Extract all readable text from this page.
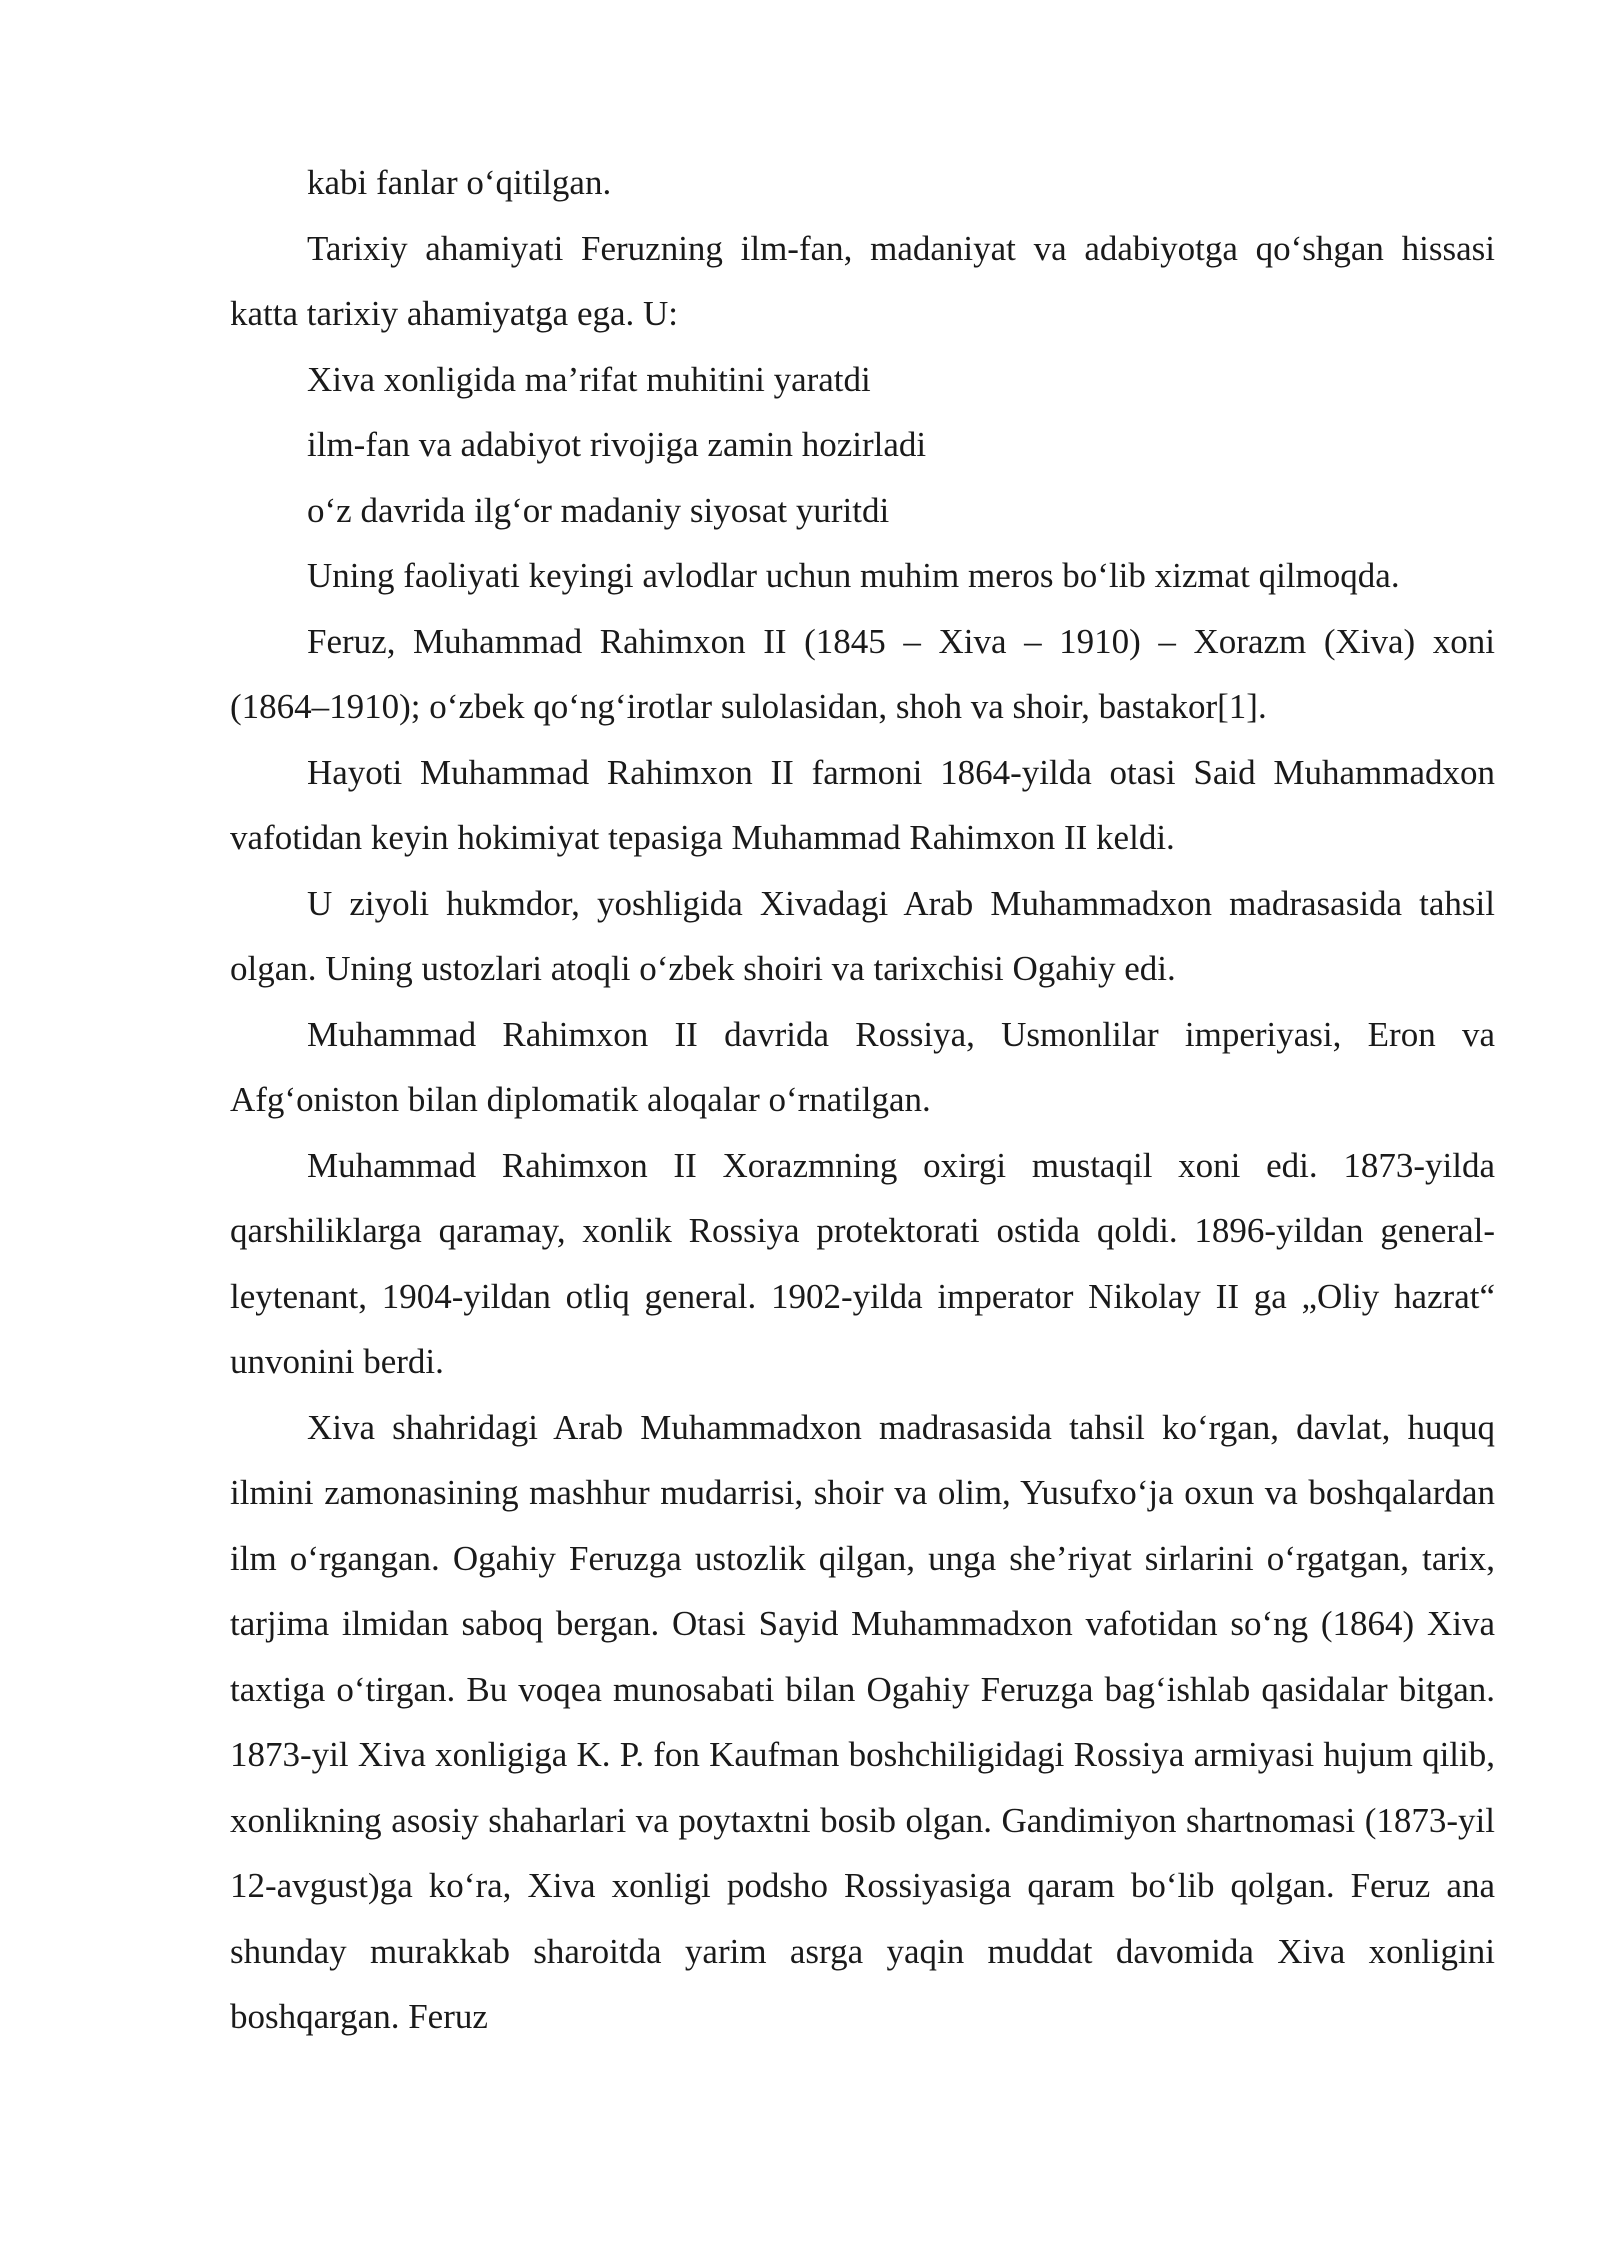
kabi fanlar o‘qitilgan.

Tarixiy ahamiyati Feruzning ilm-fan, madaniyat va adabiyotga qo‘shgan hissasi katta tarixiy ahamiyatga ega. U:

Xiva xonligida ma’rifat muhitini yaratdi

ilm-fan va adabiyot rivojiga zamin hozirladi

o‘z davrida ilg‘or madaniy siyosat yuritdi

Uning faoliyati keyingi avlodlar uchun muhim meros bo‘lib xizmat qilmoqda.

Feruz, Muhammad Rahimxon II (1845 – Xiva – 1910) – Xorazm (Xiva) xoni (1864–1910); o‘zbek qo‘ng‘irotlar sulolasidan, shoh va shoir, bastakor[1].

Hayoti Muhammad Rahimxon II farmoni 1864-yilda otasi Said Muhammadxon vafotidan keyin hokimiyat tepasiga Muhammad Rahimxon II keldi.

U ziyoli hukmdor, yoshligida Xivadagi Arab Muhammadxon madrasasida tahsil olgan. Uning ustozlari atoqli o‘zbek shoiri va tarixchisi Ogahiy edi.

Muhammad Rahimxon II davrida Rossiya, Usmonlilar imperiyasi, Eron va Afg‘oniston bilan diplomatik aloqalar o‘rnatilgan.

Muhammad Rahimxon II Xorazmning oxirgi mustaqil xoni edi. 1873-yilda qarshiliklarga qaramay, xonlik Rossiya protektorati ostida qoldi. 1896-yildan general-leytenant, 1904-yildan otliq general. 1902-yilda imperator Nikolay II ga „Oliy hazrat“ unvonini berdi.

Xiva shahridagi Arab Muhammadxon madrasasida tahsil ko‘rgan, davlat, huquq ilmini zamonasining mashhur mudarrisi, shoir va olim, Yusufxo‘ja oxun va boshqalardan ilm o‘rgangan. Ogahiy Feruzga ustozlik qilgan, unga she’riyat sirlarini o‘rgatgan, tarix, tarjima ilmidan saboq bergan. Otasi Sayid Muhammadxon vafotidan so‘ng (1864) Xiva taxtiga o‘tirgan. Bu voqea munosabati bilan Ogahiy Feruzga bag‘ishlab qasidalar bitgan. 1873-yil Xiva xonligiga K. P. fon Kaufman boshchiligidagi Rossiya armiyasi hujum qilib, xonlikning asosiy shaharlari va poytaxtni bosib olgan. Gandimiyon shartnomasi (1873-yil 12-avgust)ga ko‘ra, Xiva xonligi podsho Rossiyasiga qaram bo‘lib qolgan. Feruz ana shunday murakkab sharoitda yarim asrga yaqin muddat davomida Xiva xonligini boshqargan. Feruz
